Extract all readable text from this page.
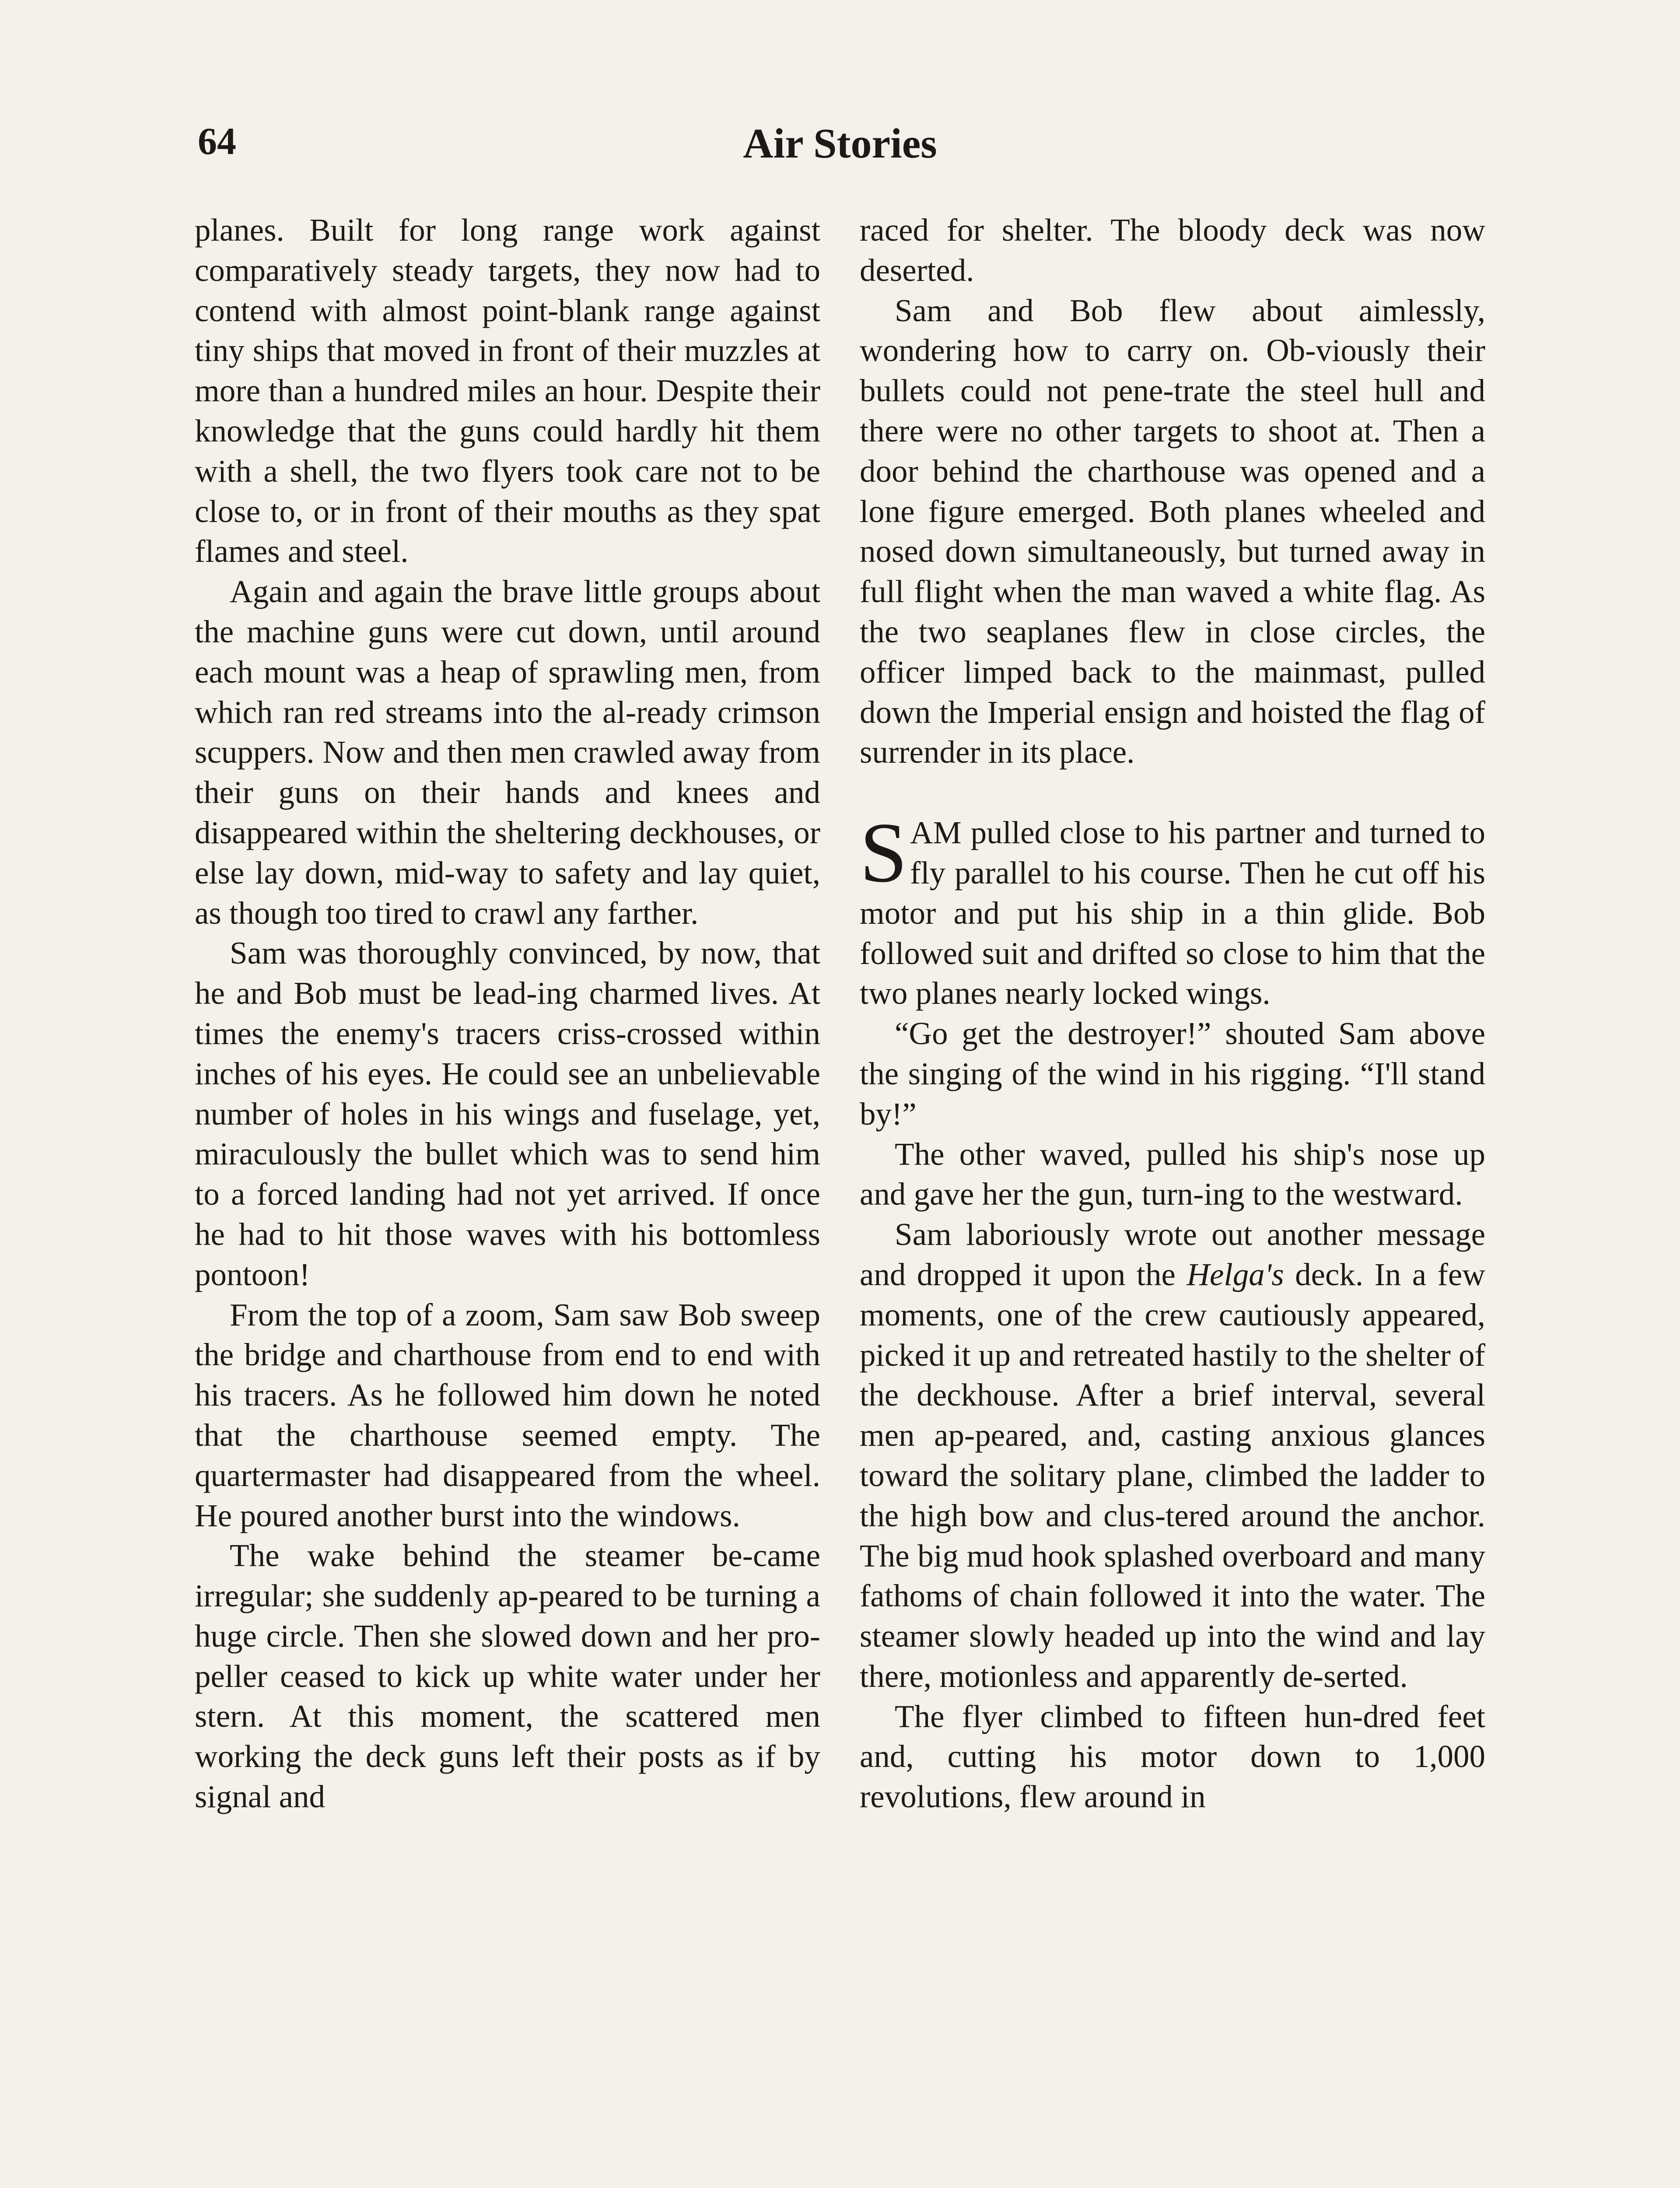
64	Air Stories

planes. Built for long range work against comparatively steady targets, they now had to contend with almost point-blank range against tiny ships that moved in front of their muzzles at more than a hundred miles an hour. Despite their knowledge that the guns could hardly hit them with a shell, the two flyers took care not to be close to, or in front of their mouths as they spat flames and steel.

Again and again the brave little groups about the machine guns were cut down, until around each mount was a heap of sprawling men, from which ran red streams into the al-ready crimson scuppers. Now and then men crawled away from their guns on their hands and knees and disappeared within the sheltering deckhouses, or else lay down, mid-way to safety and lay quiet, as though too tired to crawl any farther.

Sam was thoroughly convinced, by now, that he and Bob must be lead-ing charmed lives. At times the enemy's tracers criss-crossed within inches of his eyes. He could see an unbelievable number of holes in his wings and fuselage, yet, miraculously the bullet which was to send him to a forced landing had not yet arrived. If once he had to hit those waves with his bottomless pontoon!

From the top of a zoom, Sam saw Bob sweep the bridge and charthouse from end to end with his tracers. As he followed him down he noted that the charthouse seemed empty. The quartermaster had disappeared from the wheel. He poured another burst into the windows.

The wake behind the steamer be-came irregular; she suddenly ap-peared to be turning a huge circle. Then she slowed down and her pro-peller ceased to kick up white water under her stern. At this moment, the scattered men working the deck guns left their posts as if by signal and

raced for shelter. The bloody deck was now deserted.

Sam and Bob flew about aimlessly, wondering how to carry on. Ob-viously their bullets could not pene-trate the steel hull and there were no other targets to shoot at. Then a door behind the charthouse was opened and a lone figure emerged. Both planes wheeled and nosed down simultaneously, but turned away in full flight when the man waved a white flag. As the two seaplanes flew in close circles, the officer limped back to the mainmast, pulled down the Imperial ensign and hoisted the flag of surrender in its place.

SAM pulled close to his partner and turned to fly parallel to his course. Then he cut off his motor and put his ship in a thin glide. Bob followed suit and drifted so close to him that the two planes nearly locked wings.

“Go get the destroyer!” shouted Sam above the singing of the wind in his rigging. “I'll stand by!”

The other waved, pulled his ship's nose up and gave her the gun, turn-ing to the westward.

Sam laboriously wrote out another message and dropped it upon the Helga's deck. In a few moments, one of the crew cautiously appeared, picked it up and retreated hastily to the shelter of the deckhouse. After a brief interval, several men ap-peared, and, casting anxious glances toward the solitary plane, climbed the ladder to the high bow and clus-tered around the anchor. The big mud hook splashed overboard and many fathoms of chain followed it into the water. The steamer slowly headed up into the wind and lay there, motionless and apparently de-serted.

The flyer climbed to fifteen hun-dred feet and, cutting his motor down to 1,000 revolutions, flew around in
